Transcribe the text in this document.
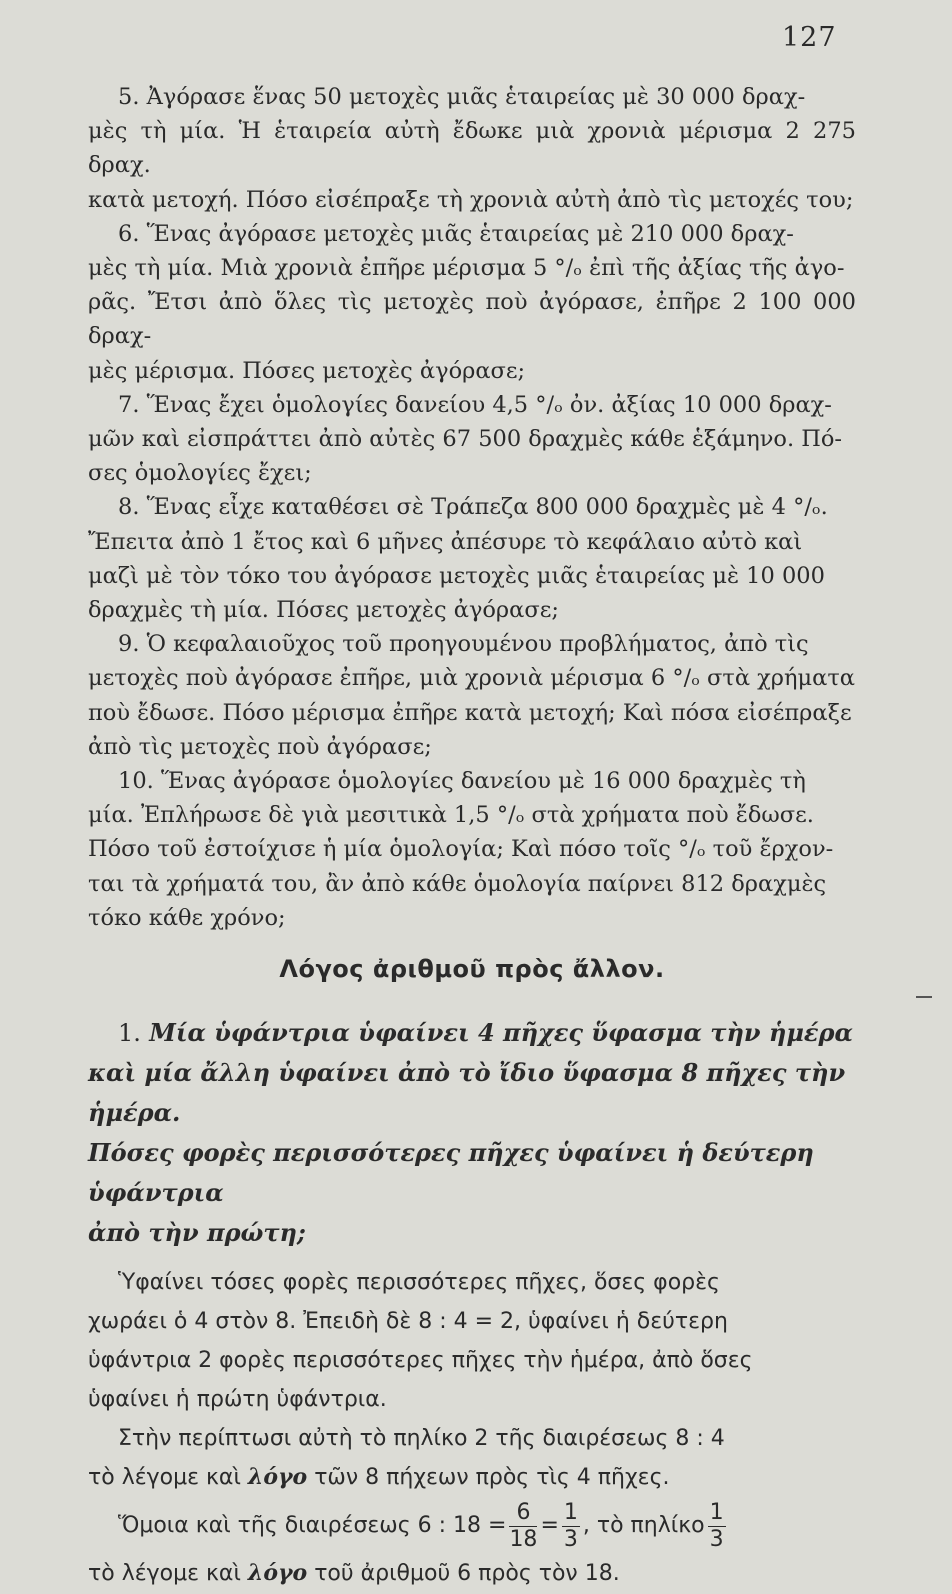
127
5. Ἀγόρασε ἕνας 50 μετοχὲς μιᾶς ἑταιρείας μὲ 30 000 δραχ-
μὲς τὴ μία. Ἡ ἑταιρεία αὐτὴ ἔδωκε μιὰ χρονιὰ μέρισμα 2 275 δραχ.
κατὰ μετοχή. Πόσο εἰσέπραξε τὴ χρονιὰ αὐτὴ ἀπὸ τὶς μετοχές του;
6. Ἕνας ἀγόρασε μετοχὲς μιᾶς ἑταιρείας μὲ 210 000 δραχ-
μὲς τὴ μία. Μιὰ χρονιὰ ἐπῆρε μέρισμα 5 °/ₒ ἐπὶ τῆς ἀξίας τῆς ἀγο-
ρᾶς. Ἔτσι ἀπὸ ὅλες τὶς μετοχὲς ποὺ ἀγόρασε, ἐπῆρε 2 100 000 δραχ-
μὲς μέρισμα. Πόσες μετοχὲς ἀγόρασε;
7. Ἕνας ἔχει ὁμολογίες δανείου 4,5 °/ₒ ὀν. ἀξίας 10 000 δραχ-
μῶν καὶ εἰσπράττει ἀπὸ αὐτὲς 67 500 δραχμὲς κάθε ἑξάμηνο. Πό-
σες ὁμολογίες ἔχει;
8. Ἕνας εἶχε καταθέσει σὲ Τράπεζα 800 000 δραχμὲς μὲ 4 °/ₒ.
Ἔπειτα ἀπὸ 1 ἔτος καὶ 6 μῆνες ἀπέσυρε τὸ κεφάλαιο αὐτὸ καὶ
μαζὶ μὲ τὸν τόκο του ἀγόρασε μετοχὲς μιᾶς ἑταιρείας μὲ 10 000
δραχμὲς τὴ μία. Πόσες μετοχὲς ἀγόρασε;
9. Ὁ κεφαλαιοῦχος τοῦ προηγουμένου προβλήματος, ἀπὸ τὶς
μετοχὲς ποὺ ἀγόρασε ἐπῆρε, μιὰ χρονιὰ μέρισμα 6 °/ₒ στὰ χρήματα
ποὺ ἔδωσε. Πόσο μέρισμα ἐπῆρε κατὰ μετοχή; Καὶ πόσα εἰσέπραξε
ἀπὸ τὶς μετοχὲς ποὺ ἀγόρασε;
10. Ἕνας ἀγόρασε ὁμολογίες δανείου μὲ 16 000 δραχμὲς τὴ
μία. Ἐπλήρωσε δὲ γιὰ μεσιτικὰ 1,5 °/ₒ στὰ χρήματα ποὺ ἔδωσε.
Πόσο τοῦ ἐστοίχισε ἡ μία ὁμολογία; Καὶ πόσο τοῖς °/ₒ τοῦ ἔρχον-
ται τὰ χρήματά του, ἂν ἀπὸ κάθε ὁμολογία παίρνει 812 δραχμὲς
τόκο κάθε χρόνο;
Λόγος ἀριθμοῦ πρὸς ἄλλον.
1. Μία ὑφάντρια ὑφαίνει 4 πῆχες ὕφασμα τὴν ἡμέρα
καὶ μία ἄλλη ὑφαίνει ἀπὸ τὸ ἴδιο ὕφασμα 8 πῆχες τὴν ἡμέρα.
Πόσες φορὲς περισσότερες πῆχες ὑφαίνει ἡ δεύτερη ὑφάντρια
ἀπὸ τὴν πρώτη;
Ὑφαίνει τόσες φορὲς περισσότερες πῆχες, ὅσες φορὲς
χωράει ὁ 4 στὸν 8. Ἐπειδὴ δὲ 8 : 4 = 2, ὑφαίνει ἡ δεύτερη
ὑφάντρια 2 φορὲς περισσότερες πῆχες τὴν ἡμέρα, ἀπὸ ὅσες
ὑφαίνει ἡ πρώτη ὑφάντρια.
Στὴν περίπτωσι αὐτὴ τὸ πηλίκο 2 τῆς διαιρέσεως 8 : 4
τὸ λέγομε καὶ λόγο τῶν 8 πήχεων πρὸς τὶς 4 πῆχες.
Ὅμοια καὶ τῆς διαιρέσεως 6 : $18 = \frac{6}{18} = \frac{1}{3}$ , τὸ πηλίκο $\frac{1}{3}$
τὸ λέγομε καὶ λόγο τοῦ ἀριθμοῦ 6 πρὸς τὸν 18.
